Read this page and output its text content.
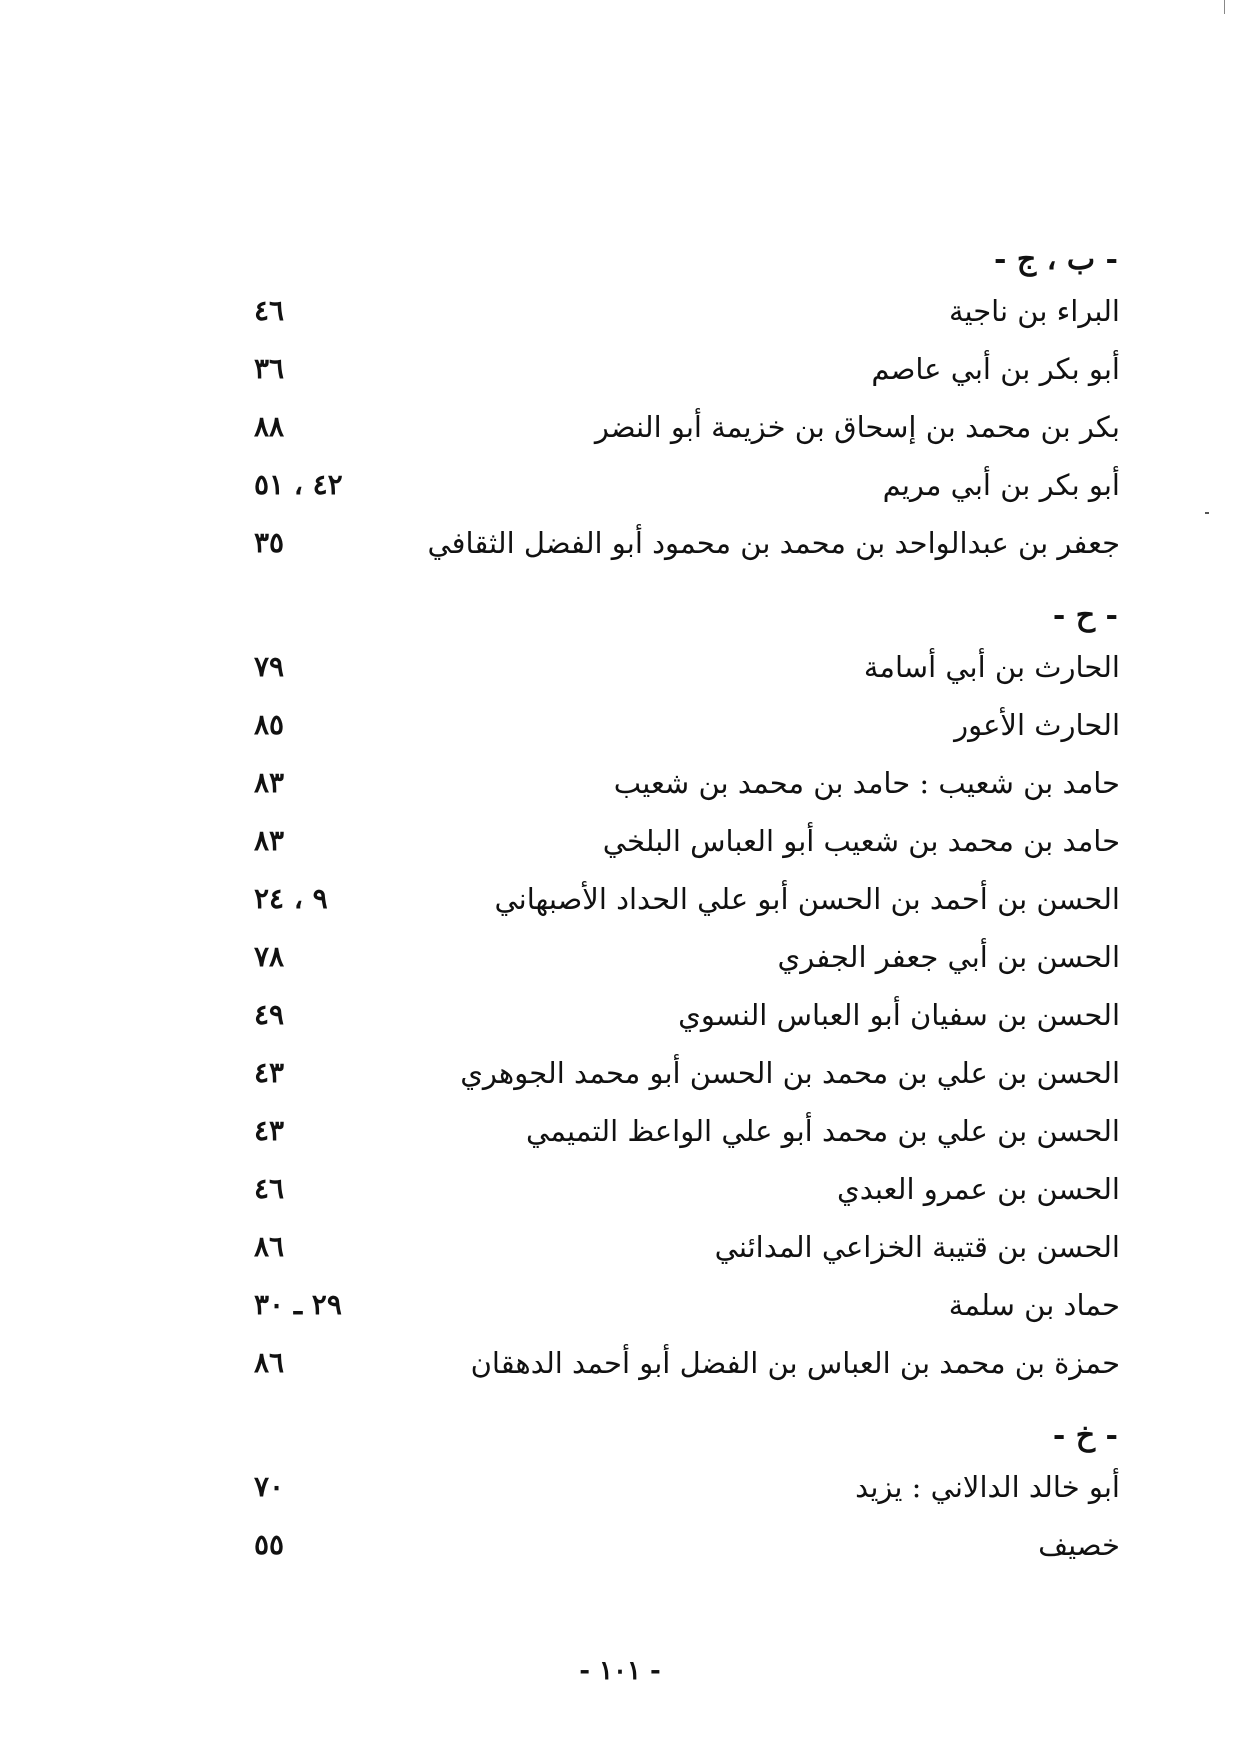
- ب ، ج -
البراء بن ناجية
٤٦
أبو بكر بن أبي عاصم
٣٦
بكر بن محمد بن إسحاق بن خزيمة أبو النضر
٨٨
أبو بكر بن أبي مريم
٤٢ ، ٥١
جعفر بن عبدالواحد بن محمد بن محمود أبو الفضل الثقافي
٣٥
- ح -
الحارث بن أبي أسامة
٧٩
الحارث الأعور
٨٥
حامد بن شعيب : حامد بن محمد بن شعيب
٨٣
حامد بن محمد بن شعيب أبو العباس البلخي
٨٣
الحسن بن أحمد بن الحسن أبو علي الحداد الأصبهاني
٩ ، ٢٤
الحسن بن أبي جعفر الجفري
٧٨
الحسن بن سفيان أبو العباس النسوي
٤٩
الحسن بن علي بن محمد بن الحسن أبو محمد الجوهري
٤٣
الحسن بن علي بن محمد أبو علي الواعظ التميمي
٤٣
الحسن بن عمرو العبدي
٤٦
الحسن بن قتيبة الخزاعي المدائني
٨٦
حماد بن سلمة
٢٩ ـ ٣٠
حمزة بن محمد بن العباس بن الفضل أبو أحمد الدهقان
٨٦
- خ -
أبو خالد الدالاني : يزيد
٧٠
خصيف
٥٥
- ١٠١ -
